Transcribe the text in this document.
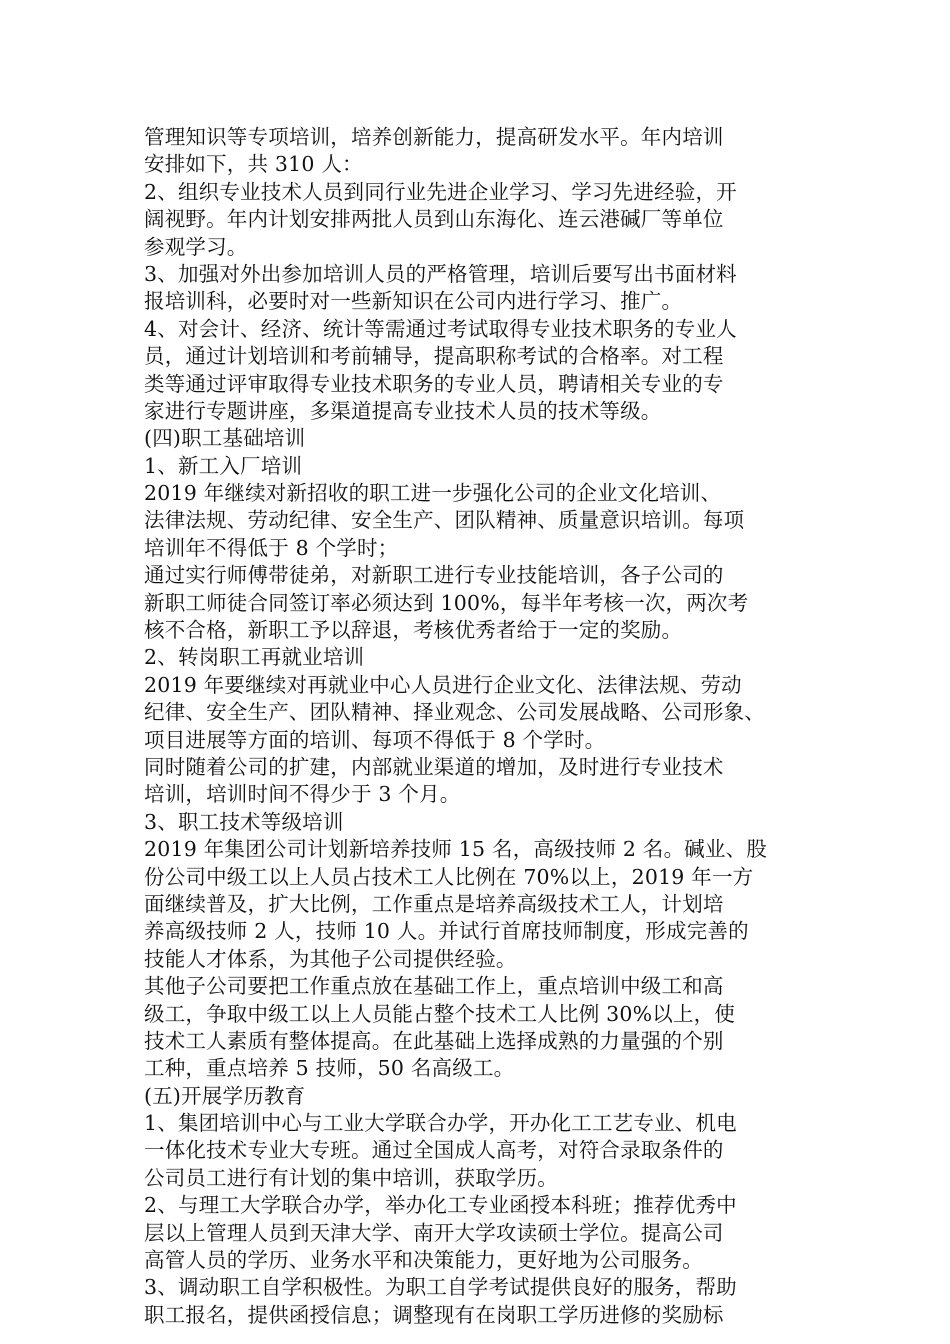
管理知识等专项培训，培养创新能力，提高研发水平。年内培训
安排如下，共 310 人：
2、组织专业技术人员到同行业先进企业学习、学习先进经验，开
阔视野。年内计划安排两批人员到山东海化、连云港碱厂等单位
参观学习。
3、加强对外出参加培训人员的严格管理，培训后要写出书面材料
报培训科，必要时对一些新知识在公司内进行学习、推广。
4、对会计、经济、统计等需通过考试取得专业技术职务的专业人
员，通过计划培训和考前辅导，提高职称考试的合格率。对工程
类等通过评审取得专业技术职务的专业人员，聘请相关专业的专
家进行专题讲座，多渠道提高专业技术人员的技术等级。
(四)职工基础培训
1、新工入厂培训
2019 年继续对新招收的职工进一步强化公司的企业文化培训、
法律法规、劳动纪律、安全生产、团队精神、质量意识培训。每项
培训年不得低于 8 个学时；
通过实行师傅带徒弟，对新职工进行专业技能培训，各子公司的
新职工师徒合同签订率必须达到 100%，每半年考核一次，两次考
核不合格，新职工予以辞退，考核优秀者给于一定的奖励。
2、转岗职工再就业培训
2019 年要继续对再就业中心人员进行企业文化、法律法规、劳动
纪律、安全生产、团队精神、择业观念、公司发展战略、公司形象、
项目进展等方面的培训、每项不得低于 8 个学时。
同时随着公司的扩建，内部就业渠道的增加，及时进行专业技术
培训，培训时间不得少于 3 个月。
3、职工技术等级培训
2019 年集团公司计划新培养技师 15 名，高级技师 2 名。碱业、股
份公司中级工以上人员占技术工人比例在 70%以上，2019 年一方
面继续普及，扩大比例，工作重点是培养高级技术工人，计划培
养高级技师 2 人，技师 10 人。并试行首席技师制度，形成完善的
技能人才体系，为其他子公司提供经验。
其他子公司要把工作重点放在基础工作上，重点培训中级工和高
级工，争取中级工以上人员能占整个技术工人比例 30%以上，使
技术工人素质有整体提高。在此基础上选择成熟的力量强的个别
工种，重点培养 5 技师，50 名高级工。
(五)开展学历教育
1、集团培训中心与工业大学联合办学，开办化工工艺专业、机电
一体化技术专业大专班。通过全国成人高考，对符合录取条件的
公司员工进行有计划的集中培训，获取学历。
2、与理工大学联合办学，举办化工专业函授本科班；推荐优秀中
层以上管理人员到天津大学、南开大学攻读硕士学位。提高公司
高管人员的学历、业务水平和决策能力，更好地为公司服务。
3、调动职工自学积极性。为职工自学考试提供良好的服务，帮助
职工报名，提供函授信息；调整现有在岗职工学历进修的奖励标
